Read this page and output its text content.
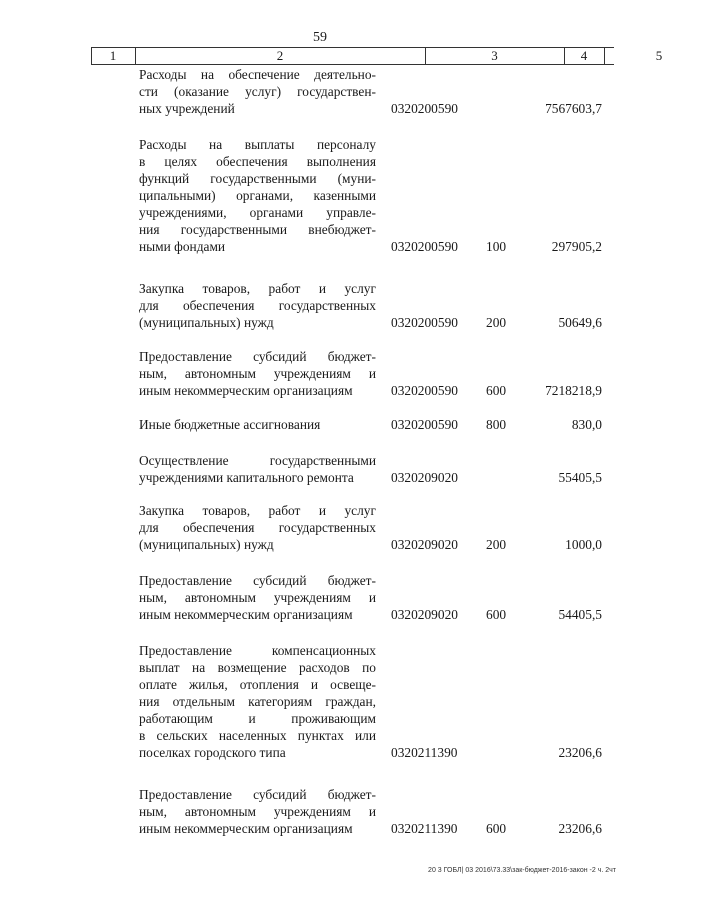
59
1	2	3	4	5
Расходы на обеспечение деятельно-
сти (оказание услуг) государствен-
ных учреждений	0320200590	7567603,7
Расходы на выплаты персоналу
в целях обеспечения выполнения
функций государственными (муни-
ципальными) органами, казенными
учреждениями, органами управле-
ния государственными внебюджет-
ными фондами	0320200590 100	297905,2
Закупка товаров, работ и услуг
для обеспечения государственных
(муниципальных) нужд	0320200590 200	50649,6
Предоставление субсидий бюджет-
ным, автономным учреждениям и
иным некоммерческим организациям	0320200590 600	7218218,9
Иные бюджетные ассигнования	0320200590 800	830,0
Осуществление государственными
учреждениями капитального ремонта	0320209020	55405,5
Закупка товаров, работ и услуг
для обеспечения государственных
(муниципальных) нужд	0320209020 200	1000,0
Предоставление субсидий бюджет-
ным, автономным учреждениям и
иным некоммерческим организациям	0320209020 600	54405,5
Предоставление компенсационных
выплат на возмещение расходов по
оплате жилья, отопления и освеще-
ния отдельным категориям граждан,
работающим и проживающим
в сельских населенных пунктах или
поселках городского типа	0320211390	23206,6
Предоставление субсидий бюджет-
ным, автономным учреждениям и
иным некоммерческим организациям	0320211390 600	23206,6
20 3 ГОБЛ| 03 2016\73.33\зак-бюджет-2016-закон -2 ч. 2чт
